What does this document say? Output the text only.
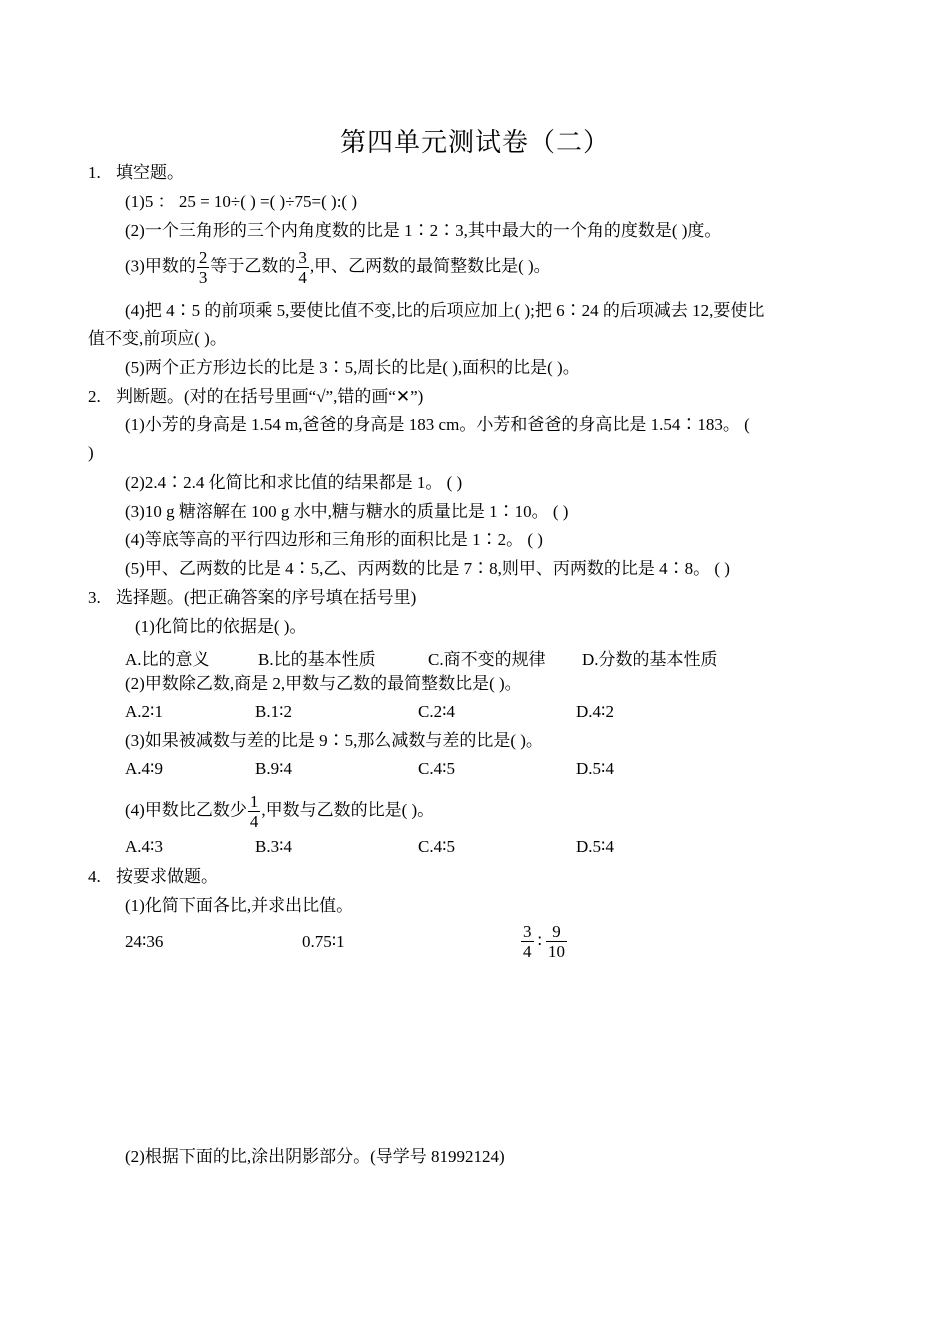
第四单元测试卷（二）
1. 填空题。
(1)5 ： 25 = 10÷( ) =( )÷75=( ):( )
(2)一个三角形的三个内角度数的比是 1∶2∶3,其中最大的一个角的度数是( )度。
(3)甲数的 $\frac{2}{3}$ 等于乙数的 $\frac{3}{4}$ ,甲、乙两数的最简整数比是( )。
(4)把 4∶5 的前项乘 5,要使比值不变,比的后项应加上( );把 6∶24 的后项减去 12,要使比
值不变,前项应( )。
(5)两个正方形边长的比是 3∶5,周长的比是( ),面积的比是( )。
2. 判断题。(对的在括号里画“√”,错的画“✕”)
(1)小芳的身高是 1.54 m,爸爸的身高是 183 cm。小芳和爸爸的身高比是 1.54∶183。 (
)
(2)2.4∶2.4 化简比和求比值的结果都是 1。 ( )
(3)10 g 糖溶解在 100 g 水中,糖与糖水的质量比是 1∶10。 ( )
(4)等底等高的平行四边形和三角形的面积比是 1∶2。 ( )
(5)甲、乙两数的比是 4∶5,乙、丙两数的比是 7∶8,则甲、丙两数的比是 4∶8。 ( )
3. 选择题。(把正确答案的序号填在括号里)
(1)化简比的依据是( )。
A.比的意义	B.比的基本性质	C.商不变的规律 D.分数的基本性质
(2)甲数除乙数,商是 2,甲数与乙数的最简整数比是( )。
A.2∶1	B.1∶2	C.2∶4	D.4∶2
(3)如果被减数与差的比是 9∶5,那么减数与差的比是( )。
A.4∶9	B.9∶4	C.4∶5	D.5∶4
(4)甲数比乙数少 $\frac{1}{4}$ ,甲数与乙数的比是( )。
A.4∶3	B.3∶4	C.4∶5	D.5∶4
4. 按要求做题。
(1)化简下面各比,并求出比值。
24∶36	0.75∶1	$\frac{3}{4}$ ∶ $\frac{9}{10}$
(2)根据下面的比,涂出阴影部分。(导学号 81992124)
